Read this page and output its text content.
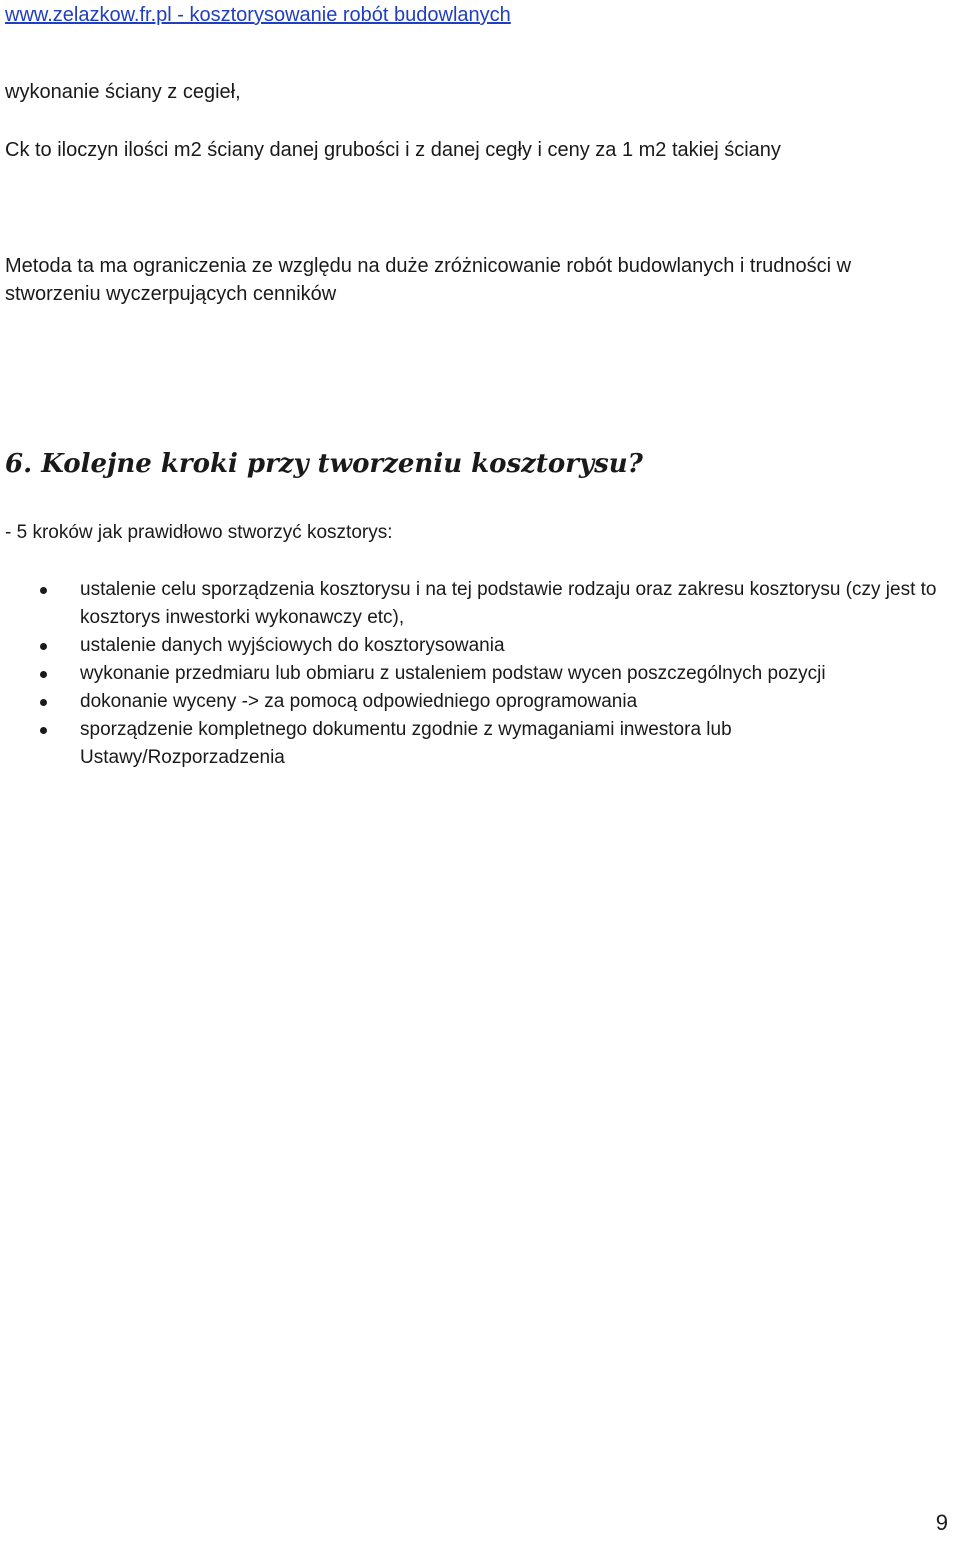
www.zelazkow.fr.pl - kosztorysowanie robót budowlanych
wykonanie ściany z cegieł,
Ck to iloczyn ilości m2 ściany danej grubości i z danej cegły i ceny za 1 m2 takiej ściany
Metoda ta ma ograniczenia ze względu na duże zróżnicowanie robót budowlanych i trudności w stworzeniu wyczerpujących cenników
6. Kolejne kroki przy tworzeniu kosztorysu?
- 5 kroków jak prawidłowo stworzyć kosztorys:
ustalenie celu sporządzenia kosztorysu i na tej podstawie rodzaju oraz zakresu kosztorysu (czy jest to kosztorys inwestorki wykonawczy etc),
ustalenie danych wyjściowych do kosztorysowania
wykonanie przedmiaru lub obmiaru z ustaleniem podstaw wycen poszczególnych pozycji
dokonanie wyceny -> za pomocą odpowiedniego oprogramowania
sporządzenie kompletnego dokumentu zgodnie z wymaganiami inwestora lub Ustawy/Rozporzadzenia
9
